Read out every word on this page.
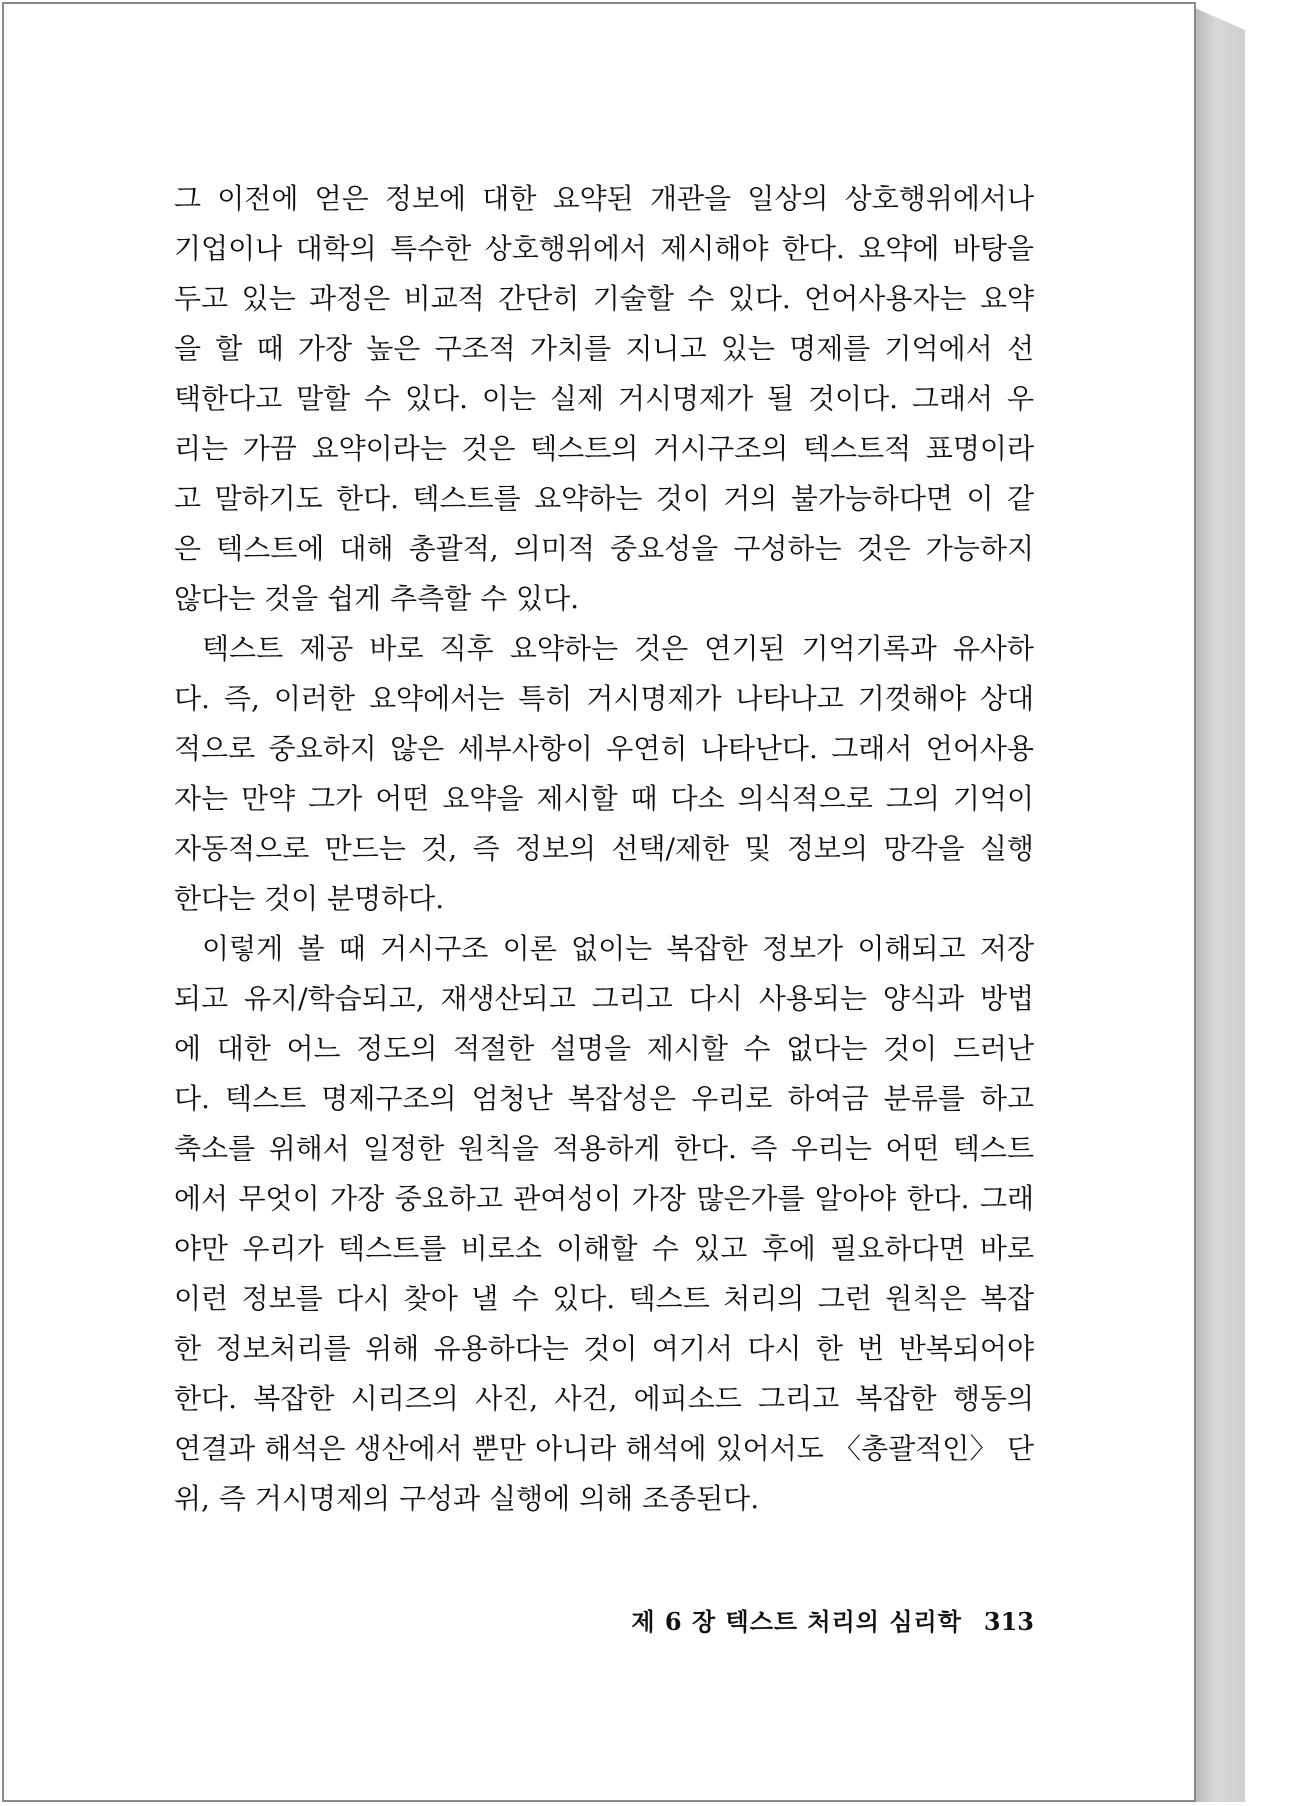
그 이전에 얻은 정보에 대한 요약된 개관을 일상의 상호행위에서나
기업이나 대학의 특수한 상호행위에서 제시해야 한다. 요약에 바탕을
두고 있는 과정은 비교적 간단히 기술할 수 있다. 언어사용자는 요약
을 할 때 가장 높은 구조적 가치를 지니고 있는 명제를 기억에서 선
택한다고 말할 수 있다. 이는 실제 거시명제가 될 것이다. 그래서 우
리는 가끔 요약이라는 것은 텍스트의 거시구조의 텍스트적 표명이라
고 말하기도 한다. 텍스트를 요약하는 것이 거의 불가능하다면 이 같
은 텍스트에 대해 총괄적, 의미적 중요성을 구성하는 것은 가능하지
않다는 것을 쉽게 추측할 수 있다.
텍스트 제공 바로 직후 요약하는 것은 연기된 기억기록과 유사하
다. 즉, 이러한 요약에서는 특히 거시명제가 나타나고 기껏해야 상대
적으로 중요하지 않은 세부사항이 우연히 나타난다. 그래서 언어사용
자는 만약 그가 어떤 요약을 제시할 때 다소 의식적으로 그의 기억이
자동적으로 만드는 것, 즉 정보의 선택/제한 및 정보의 망각을 실행
한다는 것이 분명하다.
이렇게 볼 때 거시구조 이론 없이는 복잡한 정보가 이해되고 저장
되고 유지/학습되고, 재생산되고 그리고 다시 사용되는 양식과 방법
에 대한 어느 정도의 적절한 설명을 제시할 수 없다는 것이 드러난
다. 텍스트 명제구조의 엄청난 복잡성은 우리로 하여금 분류를 하고
축소를 위해서 일정한 원칙을 적용하게 한다. 즉 우리는 어떤 텍스트
에서 무엇이 가장 중요하고 관여성이 가장 많은가를 알아야 한다. 그래
야만 우리가 텍스트를 비로소 이해할 수 있고 후에 필요하다면 바로
이런 정보를 다시 찾아 낼 수 있다. 텍스트 처리의 그런 원칙은 복잡
한 정보처리를 위해 유용하다는 것이 여기서 다시 한 번 반복되어야
한다. 복잡한 시리즈의 사진, 사건, 에피소드 그리고 복잡한 행동의
연결과 해석은 생산에서 뿐만 아니라 해석에 있어서도 〈총괄적인〉 단
위, 즉 거시명제의 구성과 실행에 의해 조종된다.
제 6 장 텍스트 처리의 심리학 313
